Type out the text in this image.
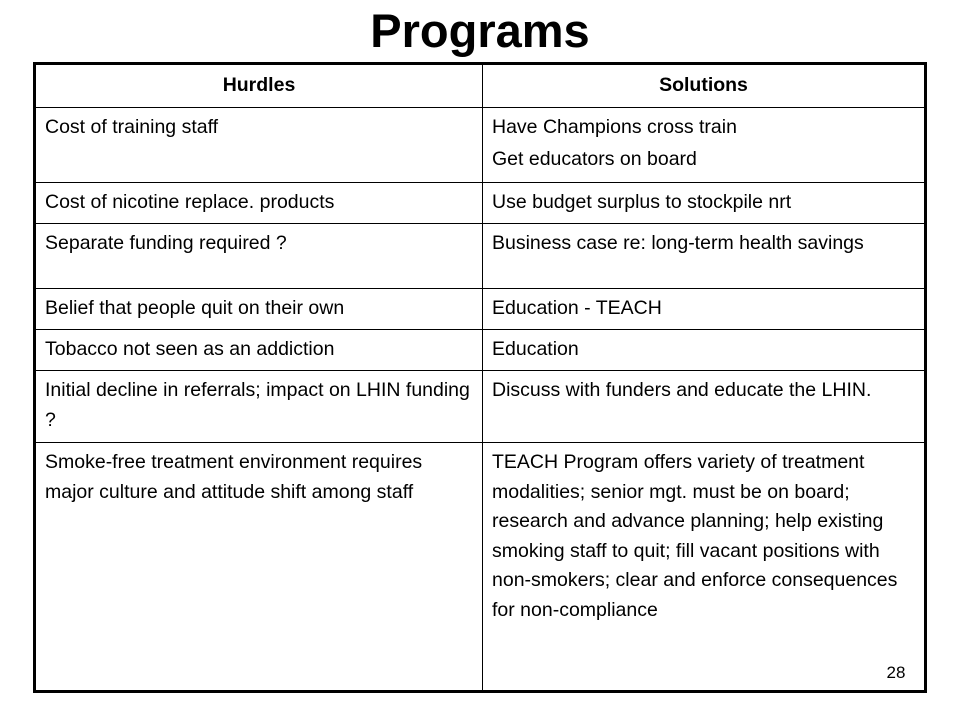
Programs
Hurdles	Solutions
Cost of training staff	Have Champions cross train
Get educators on board

Cost of nicotine replace. products	Use budget surplus to stockpile nrt
Separate funding required ?	Business case re: long-term health savings
Belief that people quit on their own	Education - TEACH
Tobacco not seen as an addiction	Education
Initial decline in referrals; impact on LHIN funding ?	Discuss with funders and educate the LHIN.
Smoke-free treatment environment requires major culture and attitude shift among staff	TEACH Program offers variety of treatment modalities; senior mgt. must be on board; research and advance planning; help existing smoking staff to quit; fill vacant positions with non-smokers; clear and enforce consequences for non-compliance
28
